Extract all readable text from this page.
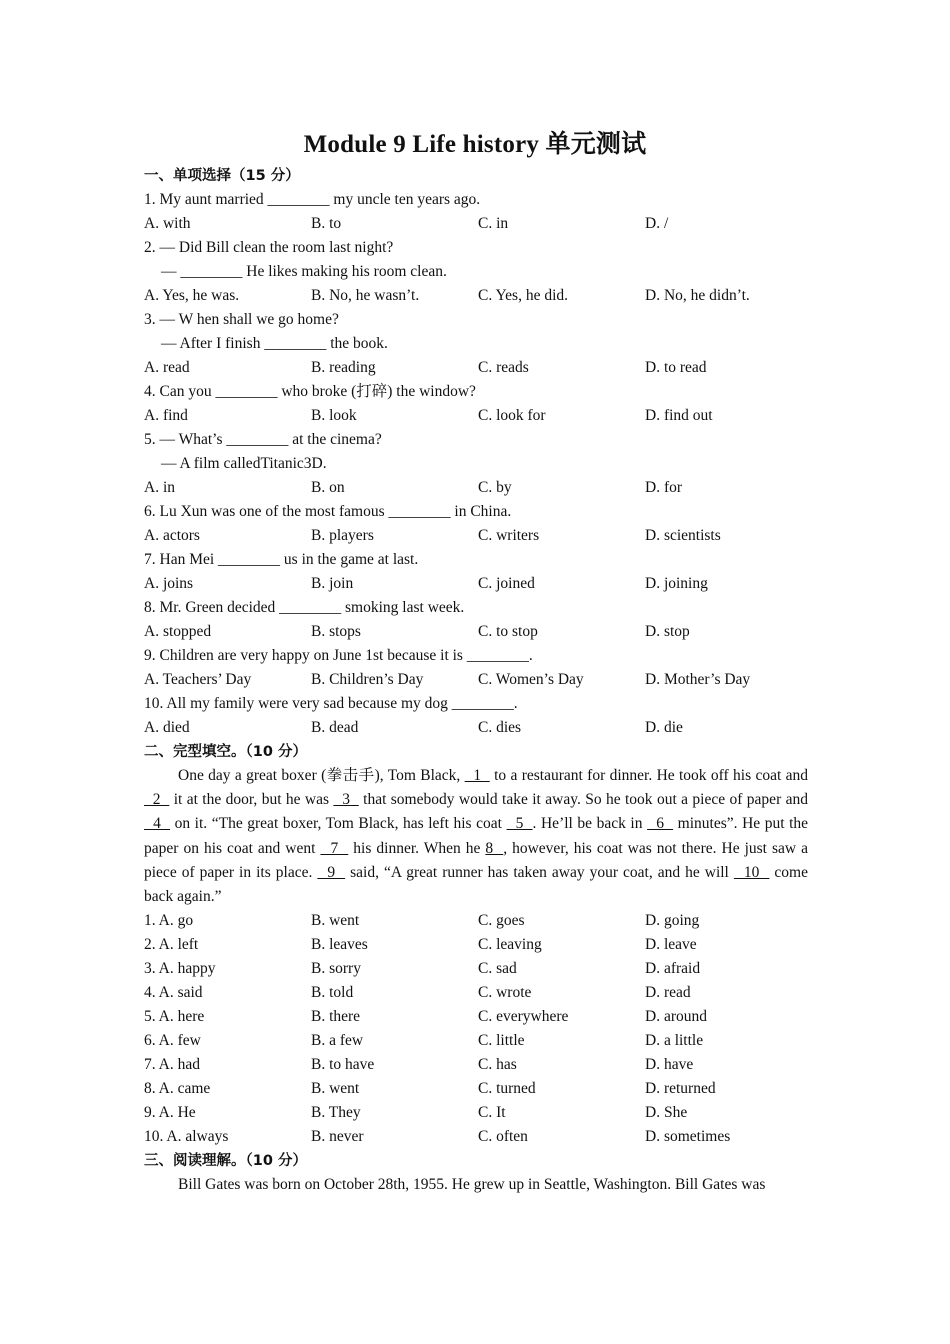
Module 9 Life history 单元测试
一、单项选择（15 分）
1. My aunt married ________ my uncle ten years ago.
A. with	B. to	C. in	D. /
2. — Did Bill clean the room last night?
— ________ He likes making his room clean.
A. Yes, he was.	B. No, he wasn’t.	C. Yes, he did.	D. No, he didn’t.
3. — W hen shall we go home?
— After I finish ________ the book.
A. read	B. reading	C. reads	D. to read
4. Can you ________ who broke (打碎) the window?
A. find	B. look	C. look for	D. find out
5. — What’s ________ at the cinema?
— A film calledTitanic3D.
A. in	B. on	C. by	D. for
6. Lu Xun was one of the most famous ________ in China.
A. actors	B. players	C. writers	D. scientists
7. Han Mei ________ us in the game at last.
A. joins	B. join	C. joined	D. joining
8. Mr. Green decided ________ smoking last week.
A. stopped	B. stops	C. to stop	D. stop
9. Children are very happy on June 1st because it is ________.
A. Teachers’ Day	B. Children’s Day	C. Women’s Day	D. Mother’s Day
10. All my family were very sad because my dog ________.
A. died	B. dead	C. dies	D. die
二、完型填空。（10 分）
One day a great boxer (拳击手), Tom Black,   1   to a restaurant for dinner. He took off his coat and   2   it at the door, but he was   3   that somebody would take it away. So he took out a piece of paper and   4   on it. “The great boxer, Tom Black, has left his coat   5  . He’ll be back in   6   minutes”. He put the paper on his coat and went   7   his dinner. When he 8  , however, his coat was not there. He just saw a piece of paper in its place.   9   said, “A great runner has taken away your coat, and he will   10   come back again.”
1. A. go	B. went	C. goes	D. going
2. A. left	B. leaves	C. leaving	D. leave
3. A. happy	B. sorry	C. sad	D. afraid
4. A. said	B. told	C. wrote	D. read
5. A. here	B. there	C. everywhere	D. around
6. A. few	B. a few	C. little	D. a little
7. A. had	B. to have	C. has	D. have
8. A. came	B. went	C. turned	D. returned
9. A. He	B. They	C. It	D. She
10. A. always	B. never	C. often	D. sometimes
三、阅读理解。（10 分）
Bill Gates was born on October 28th, 1955. He grew up in Seattle, Washington. Bill Gates was
